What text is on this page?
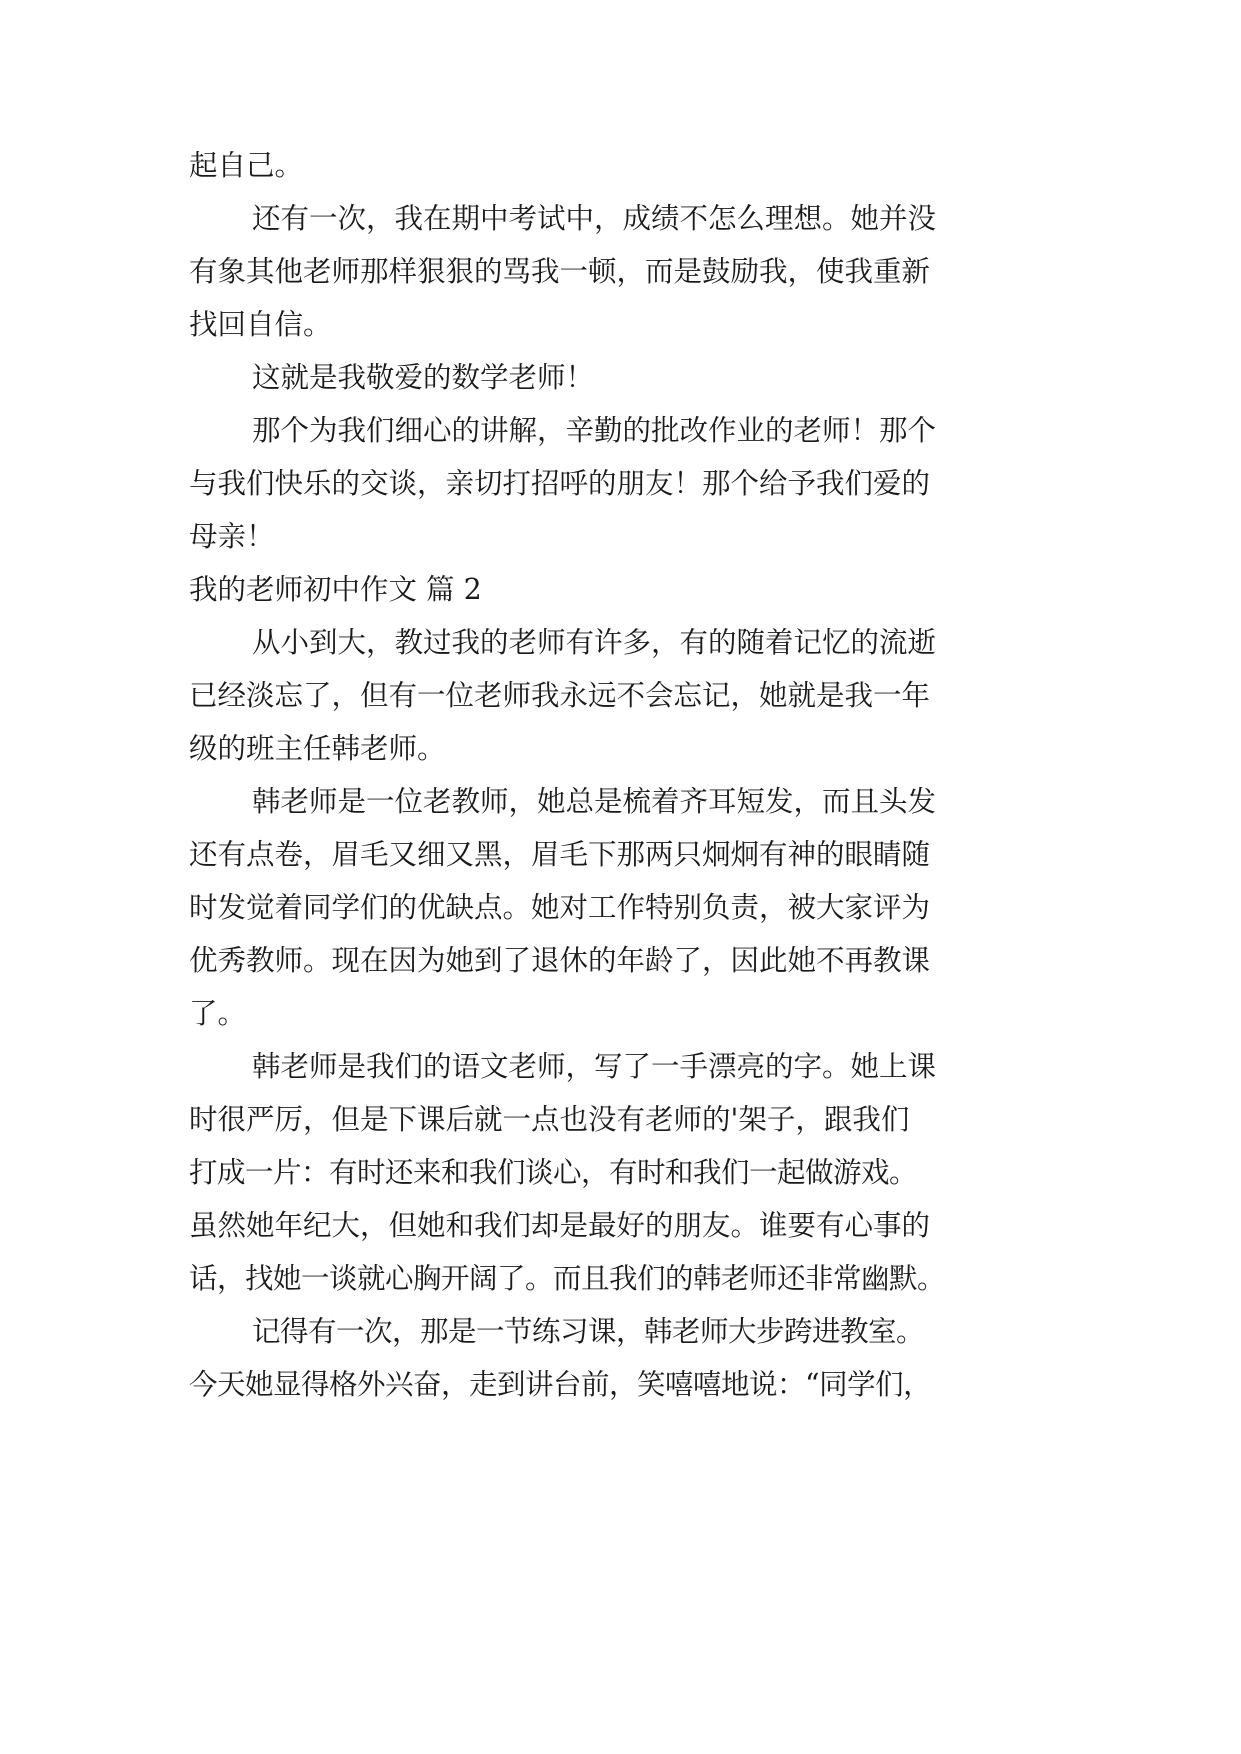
起自己。

还有一次，我在期中考试中，成绩不怎么理想。她并没

有象其他老师那样狠狠的骂我一顿，而是鼓励我，使我重新

找回自信。

这就是我敬爱的数学老师！

那个为我们细心的讲解，辛勤的批改作业的老师！那个

与我们快乐的交谈，亲切打招呼的朋友！那个给予我们爱的

母亲！

我的老师初中作文 篇 2

从小到大，教过我的老师有许多，有的随着记忆的流逝

已经淡忘了，但有一位老师我永远不会忘记，她就是我一年

级的班主任韩老师。

韩老师是一位老教师，她总是梳着齐耳短发，而且头发

还有点卷，眉毛又细又黑，眉毛下那两只炯炯有神的眼睛随

时发觉着同学们的优缺点。她对工作特别负责，被大家评为

优秀教师。现在因为她到了退休的年龄了，因此她不再教课

了。

韩老师是我们的语文老师，写了一手漂亮的字。她上课

时很严厉，但是下课后就一点也没有老师的'架子，跟我们

打成一片：有时还来和我们谈心，有时和我们一起做游戏。

虽然她年纪大，但她和我们却是最好的朋友。谁要有心事的

话，找她一谈就心胸开阔了。而且我们的韩老师还非常幽默。

记得有一次，那是一节练习课，韩老师大步跨进教室。

今天她显得格外兴奋，走到讲台前，笑嘻嘻地说：“同学们，
